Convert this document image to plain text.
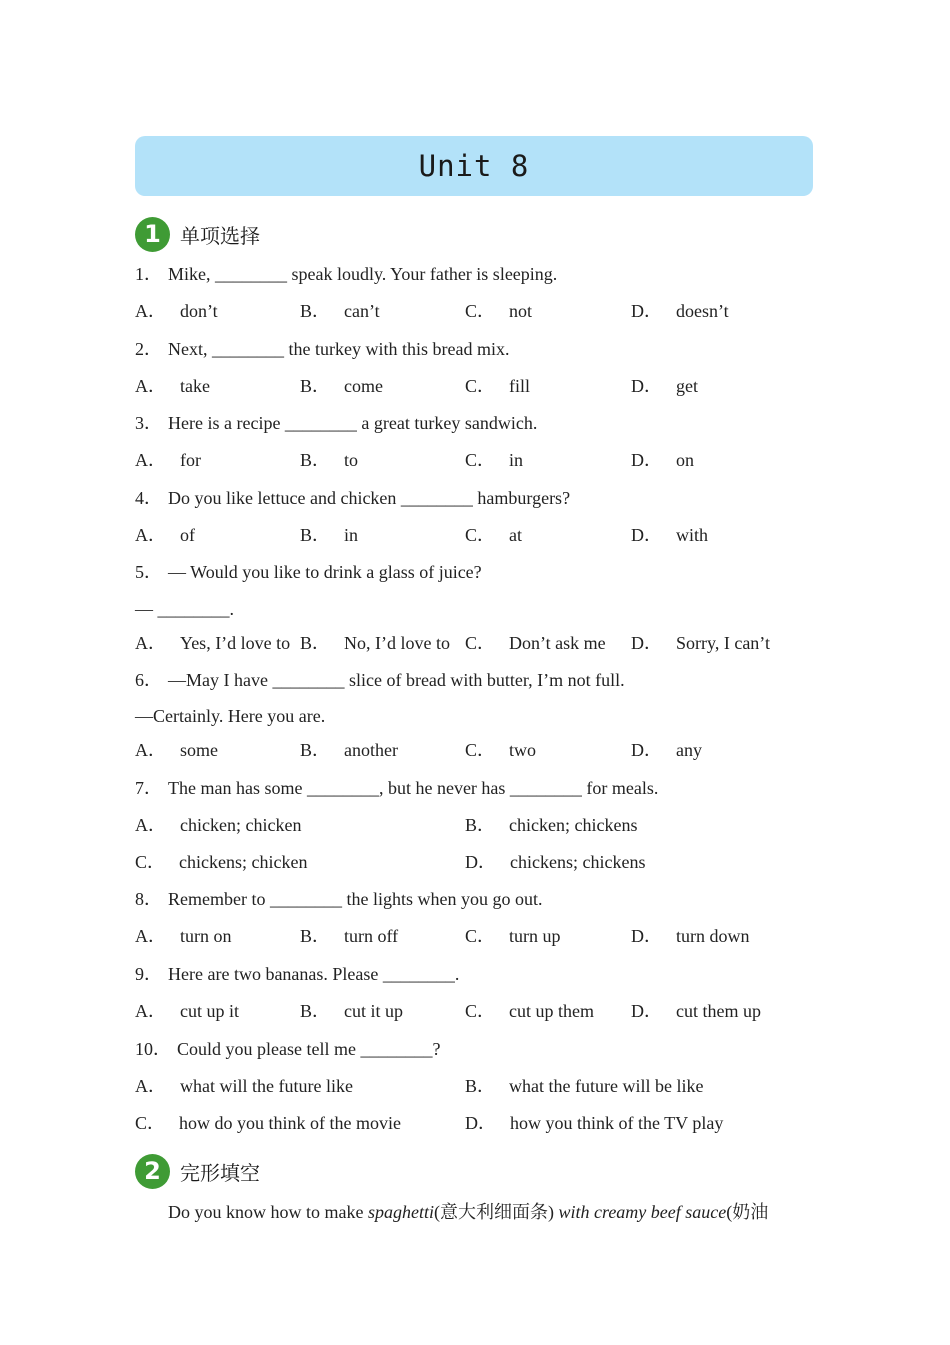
Unit 8
1 单项选择
1． Mike, ________ speak loudly. Your father is sleeping.
A． don’t	B． can’t	C． not	D． doesn’t
2． Next, ________ the turkey with this bread mix.
A． take	B． come	C． fill	D． get
3． Here is a recipe ________ a great turkey sandwich.
A． for	B． to	C． in	D． on
4． Do you like lettuce and chicken ________ hamburgers?
A． of	B． in	C． at	D． with
5． — Would you like to drink a glass of juice?
— ________.
A． Yes, I’d love to B． No, I’d love to C． Don’t ask me D． Sorry, I can’t
6． —May I have ________ slice of bread with butter, I’m not full.
—Certainly. Here you are.
A． some	B． another	C． two	D． any
7． The man has some ________, but he never has ________ for meals.
A． chicken; chicken	B． chicken; chickens
C． chickens; chicken	D． chickens; chickens
8． Remember to ________ the lights when you go out.
A． turn on	B． turn off	C． turn up	D． turn down
9． Here are two bananas. Please ________.
A． cut up it	B． cut it up	C． cut up them D． cut them up
10． Could you please tell me ________?
A． what will the future like	B． what the future will be like
C． how do you think of the movie	D． how you think of the TV play
2 完形填空
Do you know how to make spaghetti(意大利细面条) with creamy beef sauce(奶油
